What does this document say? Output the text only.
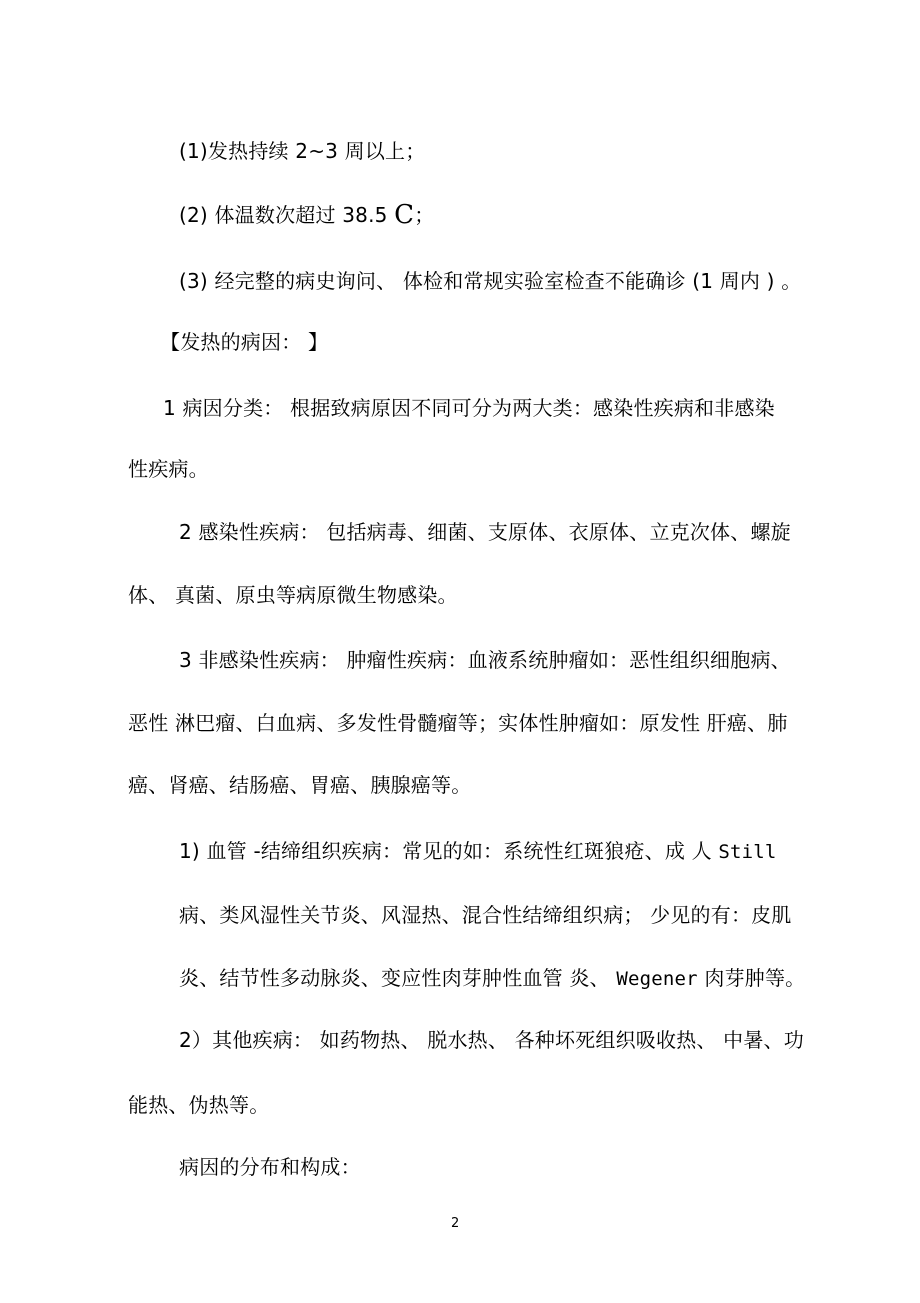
(1)发热持续 2~3 周以上；
(2) 体温数次超过 38.5 C；
(3) 经完整的病史询问、 体检和常规实验室检查不能确诊 (1 周内 ) 。
【发热的病因： 】
1 病因分类： 根据致病原因不同可分为两大类：感染性疾病和非感染
性疾病。
2 感染性疾病： 包括病毒、细菌、支原体、衣原体、立克次体、螺旋
体、 真菌、原虫等病原微生物感染。
3 非感染性疾病： 肿瘤性疾病：血液系统肿瘤如：恶性组织细胞病、
恶性 淋巴瘤、白血病、多发性骨髓瘤等；实体性肿瘤如：原发性 肝癌、肺
癌、肾癌、结肠癌、胃癌、胰腺癌等。
1) 血管 -结缔组织疾病：常见的如：系统性红斑狼疮、成 人 Still
病、类风湿性关节炎、风湿热、混合性结缔组织病； 少见的有：皮肌
炎、结节性多动脉炎、变应性肉芽肿性血管 炎、 Wegener 肉芽肿等。
2）其他疾病： 如药物热、 脱水热、 各种坏死组织吸收热、 中暑、功
能热、伪热等。
病因的分布和构成：
2
